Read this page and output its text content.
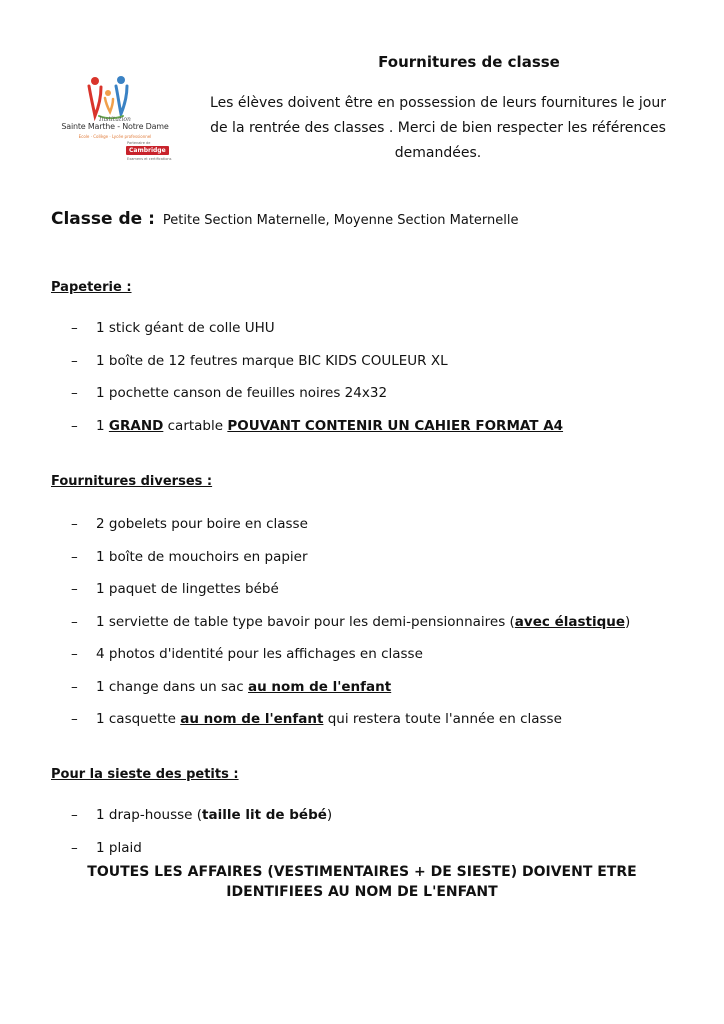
Institution
Sainte Marthe - Notre Dame
Ecole · Collège · Lycée professionnel
Partenaire de
Cambridge
Examens et certifications
Fournitures de classe
Les élèves doivent être en possession de leurs fournitures le jour
de la rentrée des classes . Merci de bien respecter les références
demandées.
Classe de : Petite Section Maternelle, Moyenne Section Maternelle
Papeterie :
– 1 stick géant de colle UHU
– 1 boîte de 12 feutres marque BIC KIDS COULEUR XL
– 1 pochette canson de feuilles noires 24x32
– 1 GRAND cartable POUVANT CONTENIR UN CAHIER FORMAT A4
Fournitures diverses :
– 2 gobelets pour boire en classe
– 1 boîte de mouchoirs en papier
– 1 paquet de lingettes bébé
– 1 serviette de table type bavoir pour les demi-pensionnaires (avec élastique)
– 4 photos d'identité pour les affichages en classe
– 1 change dans un sac au nom de l'enfant
– 1 casquette au nom de l'enfant qui restera toute l'année en classe
Pour la sieste des petits :
– 1 drap-housse (taille lit de bébé)
– 1 plaid
TOUTES LES AFFAIRES (VESTIMENTAIRES + DE SIESTE) DOIVENT ETRE
IDENTIFIEES AU NOM DE L'ENFANT
